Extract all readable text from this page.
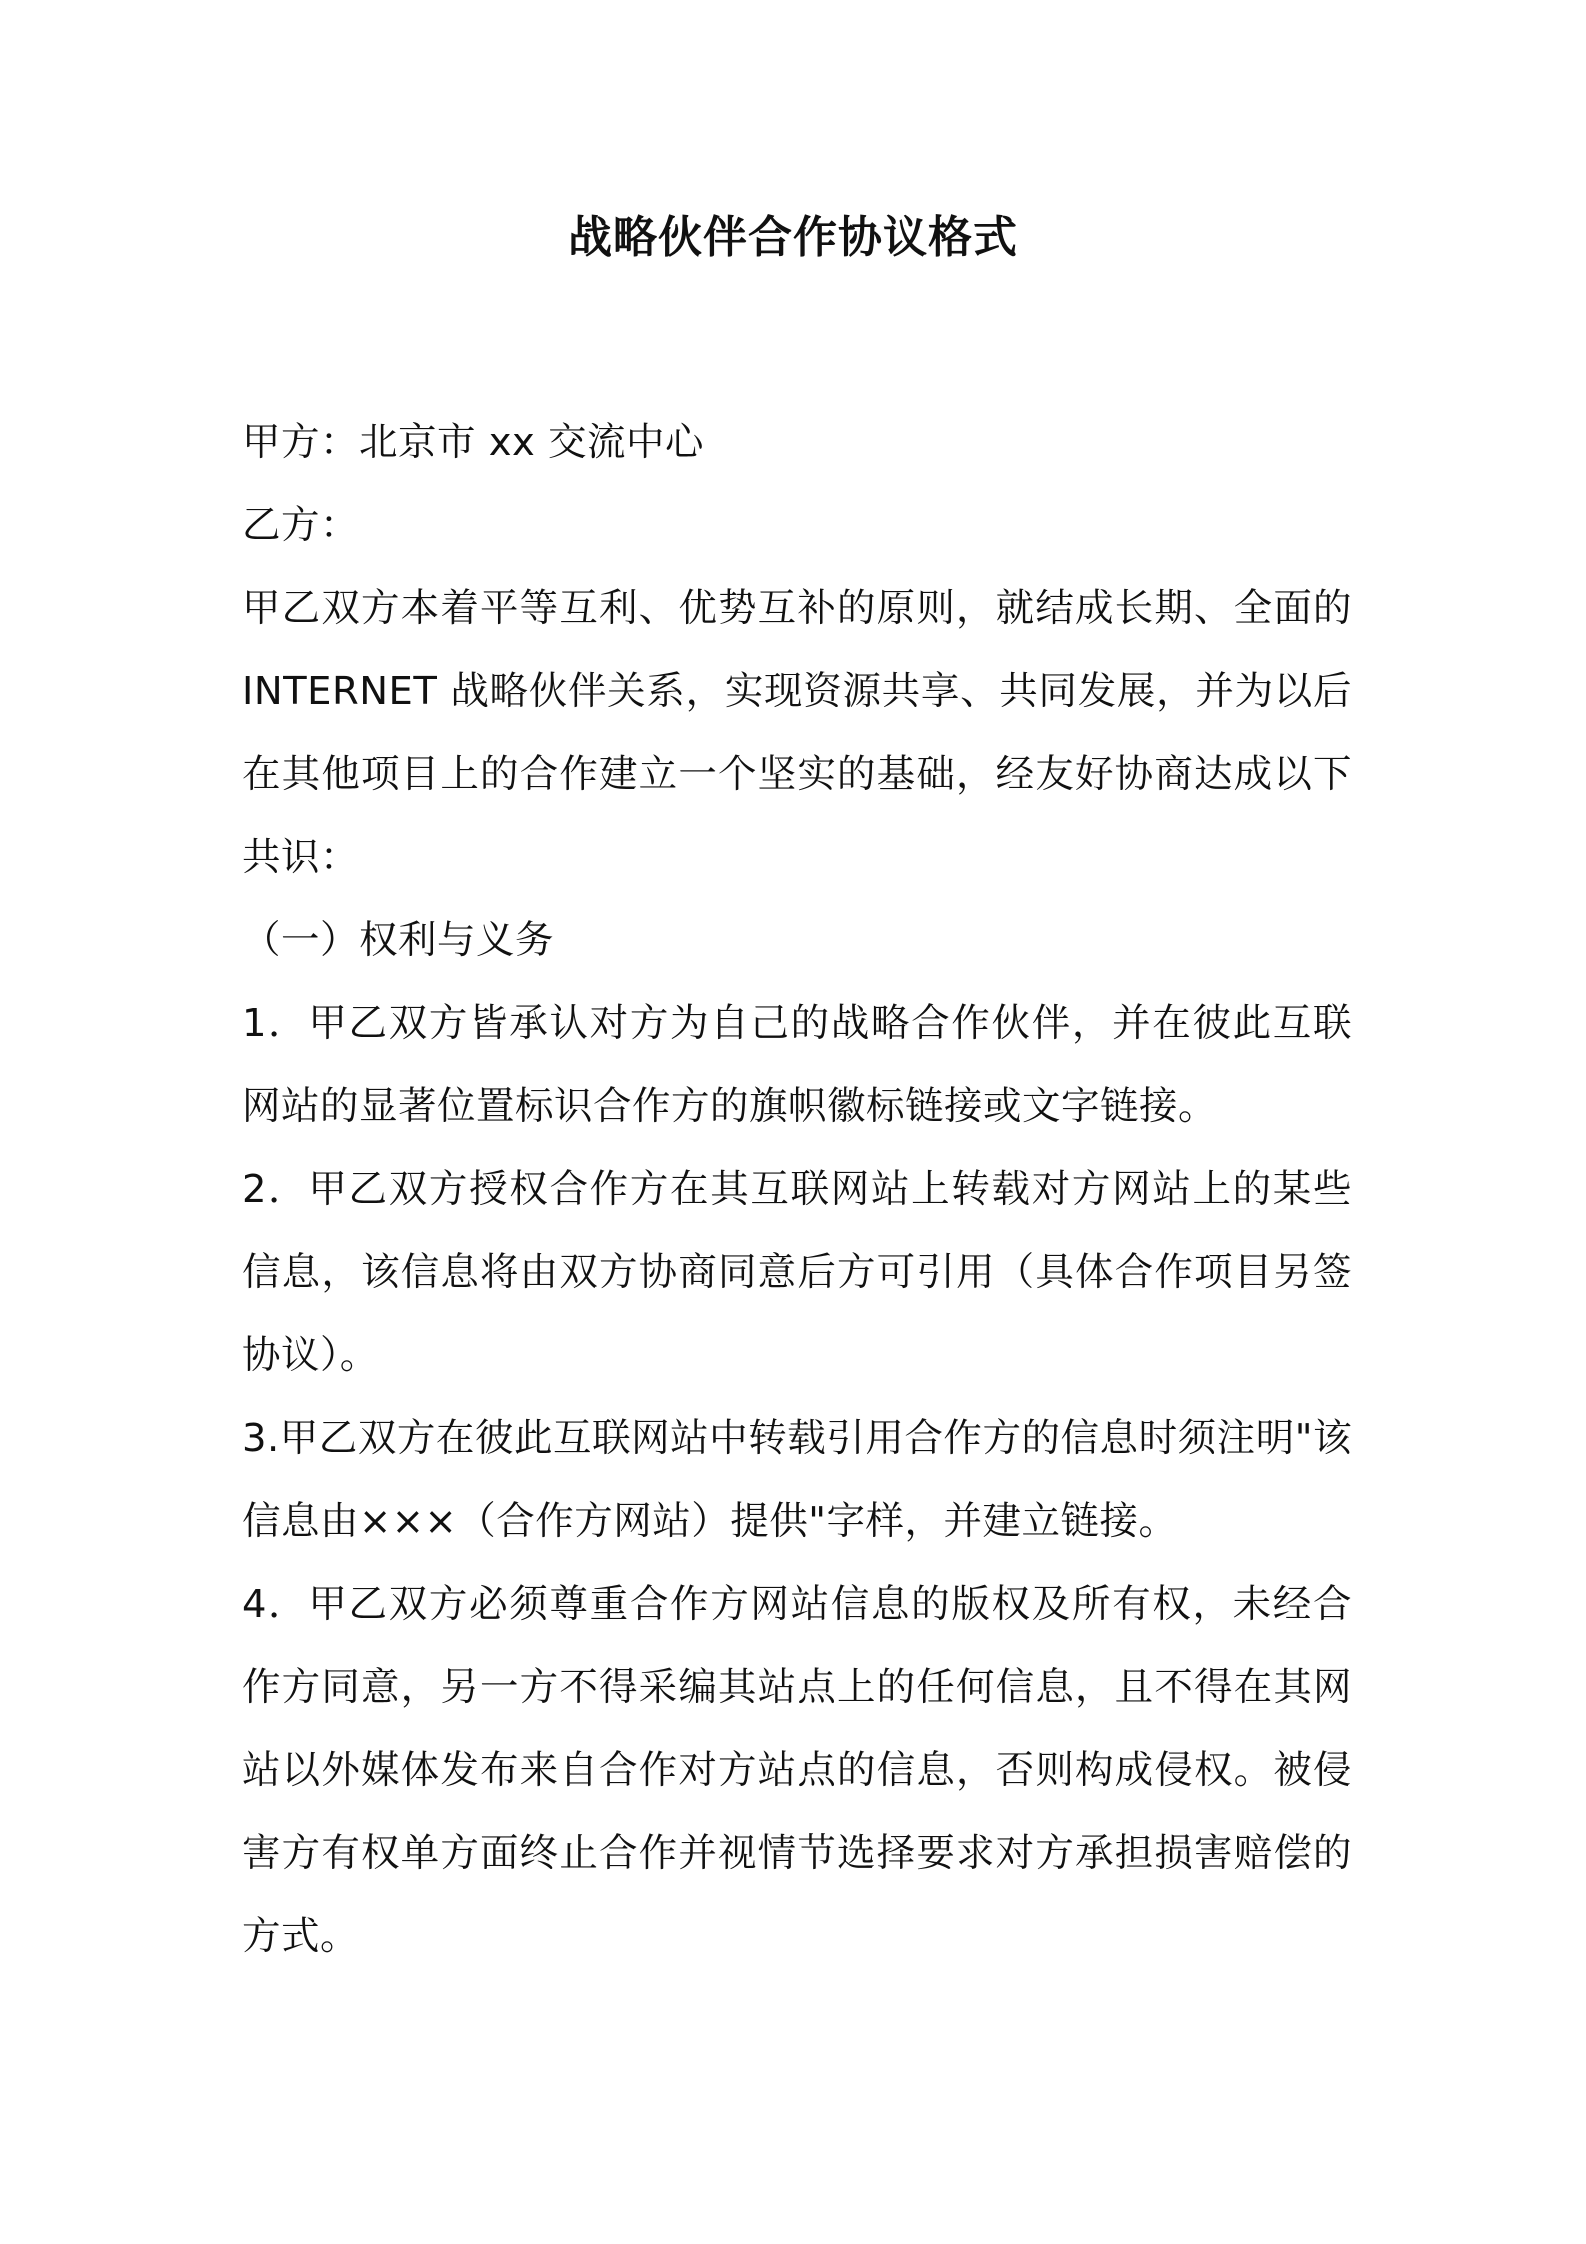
战略伙伴合作协议格式

甲方：北京市 xx 交流中心

乙方：

甲乙双方本着平等互利、优势互补的原则，就结成长期、全面的 INTERNET 战略伙伴关系，实现资源共享、共同发展，并为以后在其他项目上的合作建立一个坚实的基础，经友好协商达成以下共识：

（一）权利与义务

1．甲乙双方皆承认对方为自己的战略合作伙伴，并在彼此互联网站的显著位置标识合作方的旗帜徽标链接或文字链接。

2．甲乙双方授权合作方在其互联网站上转载对方网站上的某些信息，该信息将由双方协商同意后方可引用（具体合作项目另签协议）。

3.甲乙双方在彼此互联网站中转载引用合作方的信息时须注明"该信息由×××（合作方网站）提供"字样，并建立链接。

4．甲乙双方必须尊重合作方网站信息的版权及所有权，未经合作方同意，另一方不得采编其站点上的任何信息，且不得在其网站以外媒体发布来自合作对方站点的信息，否则构成侵权。被侵害方有权单方面终止合作并视情节选择要求对方承担损害赔偿的方式。
